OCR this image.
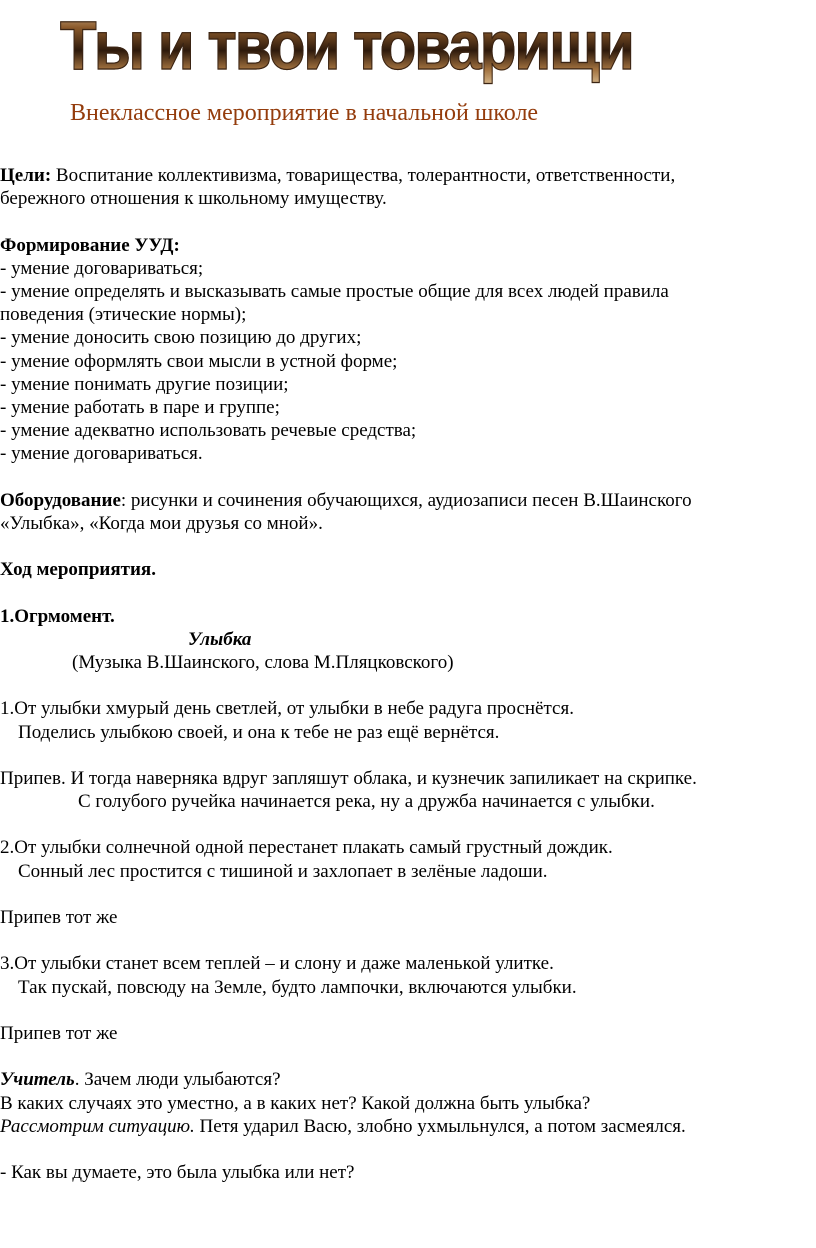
Ты и твои товарищи
Внеклассное мероприятие в начальной школе
Цели: Воспитание коллективизма, товарищества, толерантности, ответственности,
бережного отношения к школьному имуществу.
Формирование УУД:
- умение договариваться;
- умение определять и высказывать самые простые общие для всех людей правила
поведения (этические нормы);
- умение доносить свою позицию до других;
- умение оформлять свои мысли в устной форме;
- умение понимать другие позиции;
- умение работать в паре и группе;
- умение адекватно использовать речевые средства;
- умение договариваться.
Оборудование: рисунки и сочинения обучающихся, аудиозаписи песен В.Шаинского
«Улыбка», «Когда мои друзья со мной».
Ход мероприятия.
1.Огрмомент.
Улыбка
(Музыка В.Шаинского, слова М.Пляцковского)
1.От улыбки хмурый день светлей, от улыбки в небе радуга проснётся.
Поделись улыбкою своей, и она к тебе не раз ещё вернётся.
Припев. И тогда наверняка вдруг запляшут облака, и кузнечик запиликает на скрипке.
С голубого ручейка начинается река, ну а дружба начинается с улыбки.
2.От улыбки солнечной одной перестанет плакать самый грустный дождик.
Сонный лес простится с тишиной и захлопает в зелёные ладоши.
Припев тот же
3.От улыбки станет всем теплей – и слону и даже маленькой улитке.
Так пускай, повсюду на Земле, будто лампочки, включаются улыбки.
Припев тот же
Учитель. Зачем люди улыбаются?
В каких случаях это уместно, а в каких нет? Какой должна быть улыбка?
Рассмотрим ситуацию. Петя ударил Васю, злобно ухмыльнулся, а потом засмеялся.
- Как вы думаете, это была улыбка или нет?
